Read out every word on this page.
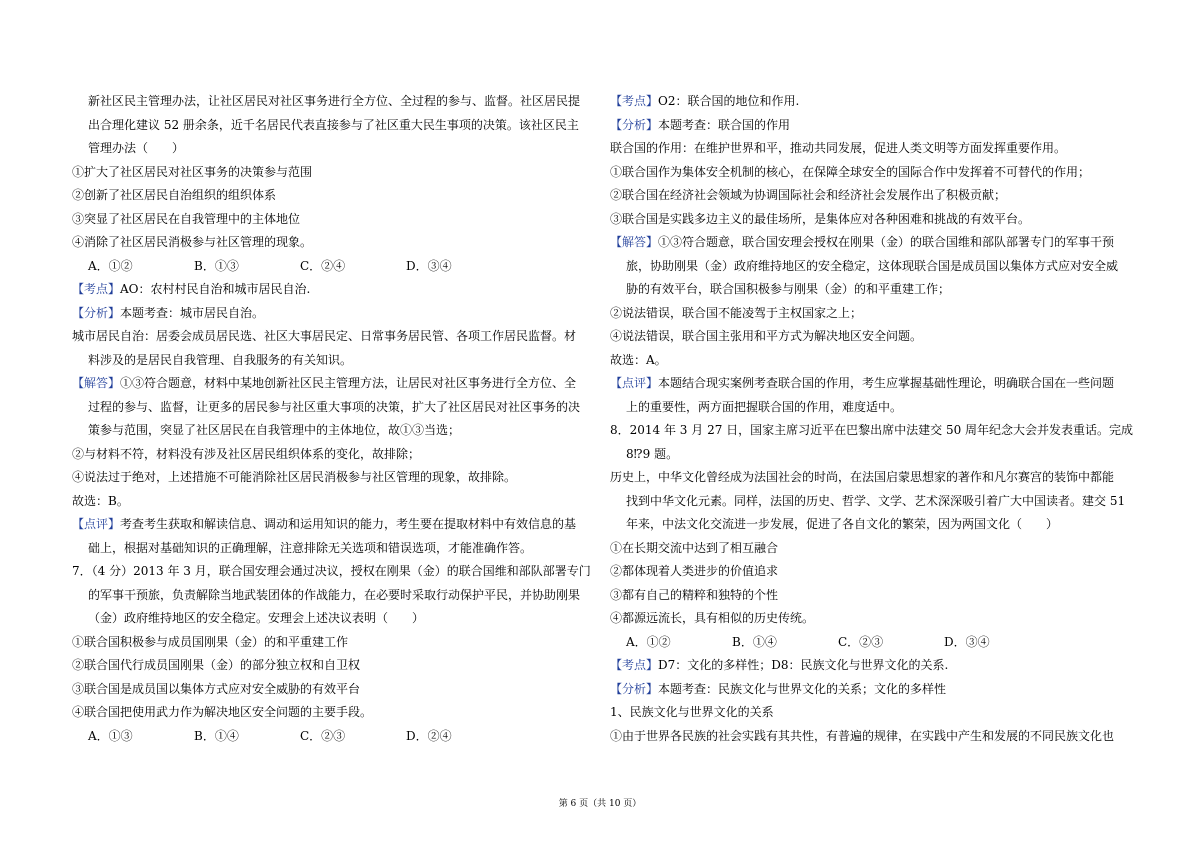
新社区民主管理办法，让社区居民对社区事务进行全方位、全过程的参与、监督。社区居民提
出合理化建议 52 册余条，近千名居民代表直接参与了社区重大民生事项的决策。该社区民主
管理办法（　　）
①扩大了社区居民对社区事务的决策参与范围
②创新了社区居民自治组织的组织体系
③突显了社区居民在自我管理中的主体地位
④消除了社区居民消极参与社区管理的现象。
A．①②	B．①③	C．②④	D．③④
【考点】AO：农村村民自治和城市居民自治.
【分析】本题考查：城市居民自治。
城市居民自治：居委会成员居民选、社区大事居民定、日常事务居民管、各项工作居民监督。材
料涉及的是居民自我管理、自我服务的有关知识。
【解答】①③符合题意，材料中某地创新社区民主管理方法，让居民对社区事务进行全方位、全
过程的参与、监督，让更多的居民参与社区重大事项的决策，扩大了社区居民对社区事务的决
策参与范围，突显了社区居民在自我管理中的主体地位，故①③当选；
②与材料不符，材料没有涉及社区居民组织体系的变化，故排除；
④说法过于绝对，上述措施不可能消除社区居民消极参与社区管理的现象，故排除。
故选：B。
【点评】考查考生获取和解读信息、调动和运用知识的能力，考生要在提取材料中有效信息的基
础上，根据对基础知识的正确理解，注意排除无关选项和错误选项，才能准确作答。
7．（4 分）2013 年 3 月，联合国安理会通过决议，授权在刚果（金）的联合国维和部队部署专门
的军事干预旅，负责解除当地武装团体的作战能力，在必要时采取行动保护平民，并协助刚果
（金）政府维持地区的安全稳定。安理会上述决议表明（　　）
①联合国积极参与成员国刚果（金）的和平重建工作
②联合国代行成员国刚果（金）的部分独立权和自卫权
③联合国是成员国以集体方式应对安全威胁的有效平台
④联合国把使用武力作为解决地区安全问题的主要手段。
A．①③	B．①④	C．②③	D．②④
【考点】O2：联合国的地位和作用.
【分析】本题考查：联合国的作用
联合国的作用：在维护世界和平，推动共同发展，促进人类文明等方面发挥重要作用。
①联合国作为集体安全机制的核心，在保障全球安全的国际合作中发挥着不可替代的作用；
②联合国在经济社会领域为协调国际社会和经济社会发展作出了积极贡献；
③联合国是实践多边主义的最佳场所，是集体应对各种困难和挑战的有效平台。
【解答】①③符合题意，联合国安理会授权在刚果（金）的联合国维和部队部署专门的军事干预
旅，协助刚果（金）政府维持地区的安全稳定，这体现联合国是成员国以集体方式应对安全威
胁的有效平台，联合国积极参与刚果（金）的和平重建工作；
②说法错误，联合国不能凌驾于主权国家之上；
④说法错误，联合国主张用和平方式为解决地区安全问题。
故选：A。
【点评】本题结合现实案例考查联合国的作用，考生应掌握基础性理论，明确联合国在一些问题
上的重要性，两方面把握联合国的作用，难度适中。
8．2014 年 3 月 27 日，国家主席习近平在巴黎出席中法建交 50 周年纪念大会并发表重话。完成
8⁉9 题。
历史上，中华文化曾经成为法国社会的时尚，在法国启蒙思想家的著作和凡尔赛宫的装饰中都能
找到中华文化元素。同样，法国的历史、哲学、文学、艺术深深吸引着广大中国读者。建交 51
年来，中法文化交流进一步发展，促进了各自文化的繁荣，因为两国文化（　　）
①在长期交流中达到了相互融合
②都体现着人类进步的价值追求
③都有自己的精粹和独特的个性
④都源远流长，具有相似的历史传统。
A．①②	B．①④	C．②③	D．③④
【考点】D7：文化的多样性；D8：民族文化与世界文化的关系.
【分析】本题考查：民族文化与世界文化的关系；文化的多样性
1、民族文化与世界文化的关系
①由于世界各民族的社会实践有其共性，有普遍的规律，在实践中产生和发展的不同民族文化也
第 6 页（共 10 页）
